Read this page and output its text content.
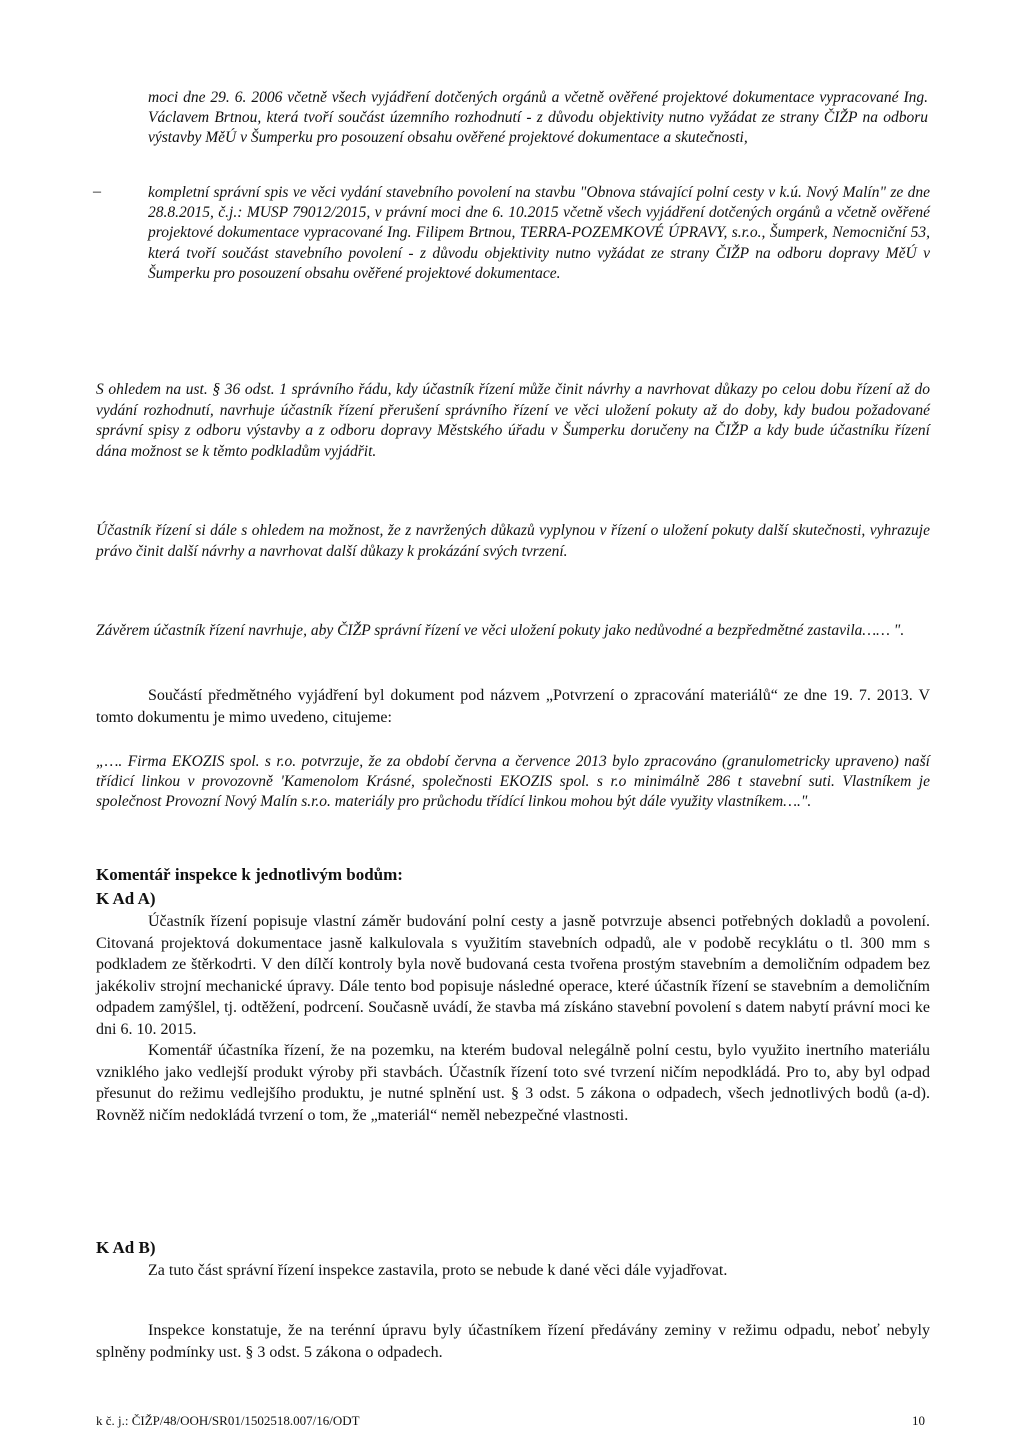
moci dne 29. 6. 2006 včetně všech vyjádření dotčených orgánů a včetně ověřené projektové dokumentace vypracované Ing. Václavem Brtnou, která tvoří součást územního rozhodnutí - z důvodu objektivity nutno vyžádat ze strany ČIŽP na odboru výstavby MěÚ v Šumperku pro posouzení obsahu ověřené projektové dokumentace a skutečnosti,

–	kompletní správní spis ve věci vydání stavebního povolení na stavbu "Obnova stávající polní cesty v k.ú. Nový Malín" ze dne 28.8.2015, č.j.: MUSP 79012/2015, v právní moci dne 6. 10.2015 včetně všech vyjádření dotčených orgánů a včetně ověřené projektové dokumentace vypracované Ing. Filipem Brtnou, TERRA-POZEMKOVÉ ÚPRAVY, s.r.o., Šumperk, Nemocniční 53, která tvoří součást stavebního povolení - z důvodu objektivity nutno vyžádat ze strany ČIŽP na odboru dopravy MěÚ v Šumperku pro posouzení obsahu ověřené projektové dokumentace.

S ohledem na ust. § 36 odst. 1 správního řádu, kdy účastník řízení může činit návrhy a navrhovat důkazy po celou dobu řízení až do vydání rozhodnutí, navrhuje účastník řízení přerušení správního řízení ve věci uložení pokuty až do doby, kdy budou požadované správní spisy z odboru výstavby a z odboru dopravy Městského úřadu v Šumperku doručeny na ČIŽP a kdy bude účastníku řízení dána možnost se k těmto podkladům vyjádřit.

Účastník řízení si dále s ohledem na možnost, že z navržených důkazů vyplynou v řízení o uložení pokuty další skutečnosti, vyhrazuje právo činit další návrhy a navrhovat další důkazy k prokázání svých tvrzení.

Závěrem účastník řízení navrhuje, aby ČIŽP správní řízení ve věci uložení pokuty jako nedůvodné a bezpředmětné zastavila…… ".

Součástí předmětného vyjádření byl dokument pod názvem „Potvrzení o zpracování materiálů“ ze dne 19. 7. 2013. V tomto dokumentu je mimo uvedeno, citujeme:

„…. Firma EKOZIS spol. s r.o. potvrzuje, že za období června a července 2013 bylo zpracováno (granulometricky upraveno) naší třídicí linkou v provozovně 'Kamenolom Krásné, společnosti EKOZIS spol. s r.o minimálně 286 t stavební suti. Vlastníkem je společnost Provozní Nový Malín s.r.o. materiály pro průchodu třídící linkou mohou být dále využity vlastníkem….".

Komentář inspekce k jednotlivým bodům:

K Ad A)

Účastník řízení popisuje vlastní záměr budování polní cesty a jasně potvrzuje absenci potřebných dokladů a povolení. Citovaná projektová dokumentace jasně kalkulovala s využitím stavebních odpadů, ale v podobě recyklátu o tl. 300 mm s podkladem ze štěrkodrti. V den dílčí kontroly byla nově budovaná cesta tvořena prostým stavebním a demoličním odpadem bez jakékoliv strojní mechanické úpravy. Dále tento bod popisuje následné operace, které účastník řízení se stavebním a demoličním odpadem zamýšlel, tj. odtěžení, podrcení. Současně uvádí, že stavba má získáno stavební povolení s datem nabytí právní moci ke dni 6. 10. 2015.

Komentář účastníka řízení, že na pozemku, na kterém budoval nelegálně polní cestu, bylo využito inertního materiálu vzniklého jako vedlejší produkt výroby při stavbách. Účastník řízení toto své tvrzení ničím nepodkládá. Pro to, aby byl odpad přesunut do režimu vedlejšího produktu, je nutné splnění ust. § 3 odst. 5 zákona o odpadech, všech jednotlivých bodů (a-d). Rovněž ničím nedokládá tvrzení o tom, že „materiál“ neměl nebezpečné vlastnosti.

K Ad B)

Za tuto část správní řízení inspekce zastavila, proto se nebude k dané věci dále vyjadřovat.

Inspekce konstatuje, že na terénní úpravu byly účastníkem řízení předávány zeminy v režimu odpadu, neboť nebyly splněny podmínky ust. § 3 odst. 5 zákona o odpadech.

k č. j.: ČIŽP/48/OOH/SR01/1502518.007/16/ODT	10
